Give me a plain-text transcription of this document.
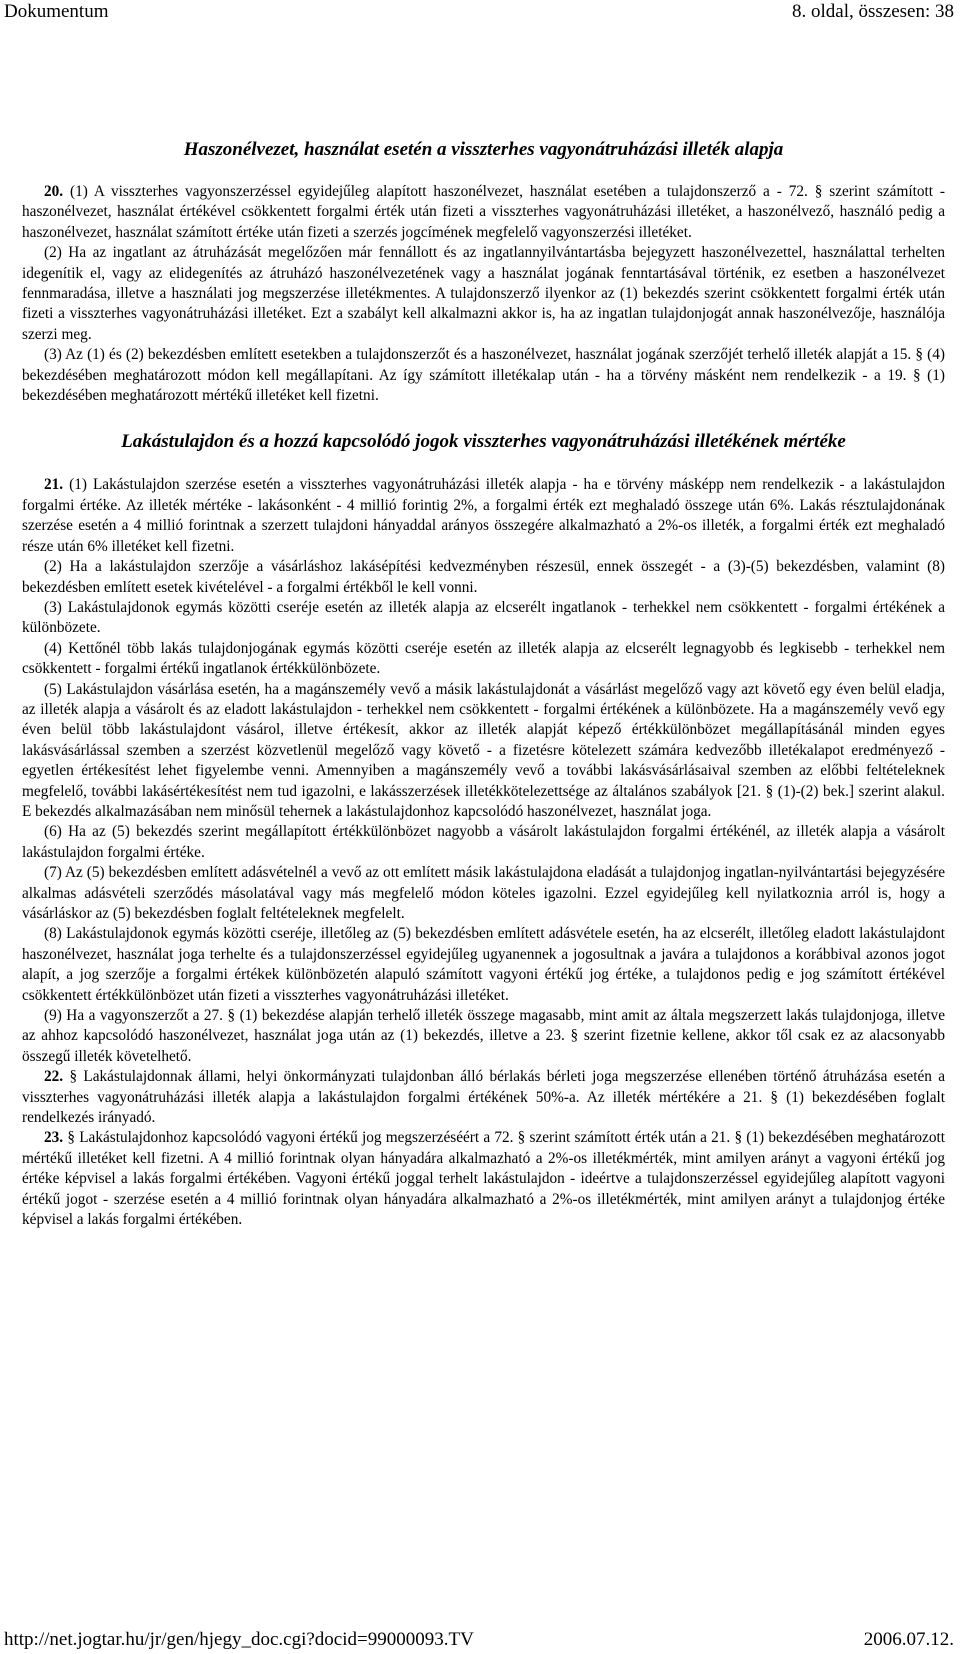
Dokumentum	8. oldal, összesen: 38
Haszonélvezet, használat esetén a visszterhes vagyonátruházási illeték alapja

20. (1) A visszterhes vagyonszerzéssel egyidejűleg alapított haszonélvezet, használat esetében a tulajdonszerző a - 72. § szerint számított - haszonélvezet, használat értékével csökkentett forgalmi érték után fizeti a visszterhes vagyonátruházási illetéket, a haszonélvező, használó pedig a haszonélvezet, használat számított értéke után fizeti a szerzés jogcímének megfelelő vagyonszerzési illetéket.

(2) Ha az ingatlant az átruházását megelőzően már fennállott és az ingatlannyilvántartásba bejegyzett haszonélvezettel, használattal terhelten idegenítik el, vagy az elidegenítés az átruházó haszonélvezetének vagy a használat jogának fenntartásával történik, ez esetben a haszonélvezet fennmaradása, illetve a használati jog megszerzése illetékmentes. A tulajdonszerző ilyenkor az (1) bekezdés szerint csökkentett forgalmi érték után fizeti a visszterhes vagyonátruházási illetéket. Ezt a szabályt kell alkalmazni akkor is, ha az ingatlan tulajdonjogát annak haszonélvezője, használója szerzi meg.

(3) Az (1) és (2) bekezdésben említett esetekben a tulajdonszerzőt és a haszonélvezet, használat jogának szerzőjét terhelő illeték alapját a 15. § (4) bekezdésében meghatározott módon kell megállapítani. Az így számított illetékalap után - ha a törvény másként nem rendelkezik - a 19. § (1) bekezdésében meghatározott mértékű illetéket kell fizetni.

Lakástulajdon és a hozzá kapcsolódó jogok visszterhes vagyonátruházási illetékének mértéke

21. (1) Lakástulajdon szerzése esetén a visszterhes vagyonátruházási illeték alapja - ha e törvény másképp nem rendelkezik - a lakástulajdon forgalmi értéke. Az illeték mértéke - lakásonként - 4 millió forintig 2%, a forgalmi érték ezt meghaladó összege után 6%. Lakás résztulajdonának szerzése esetén a 4 millió forintnak a szerzett tulajdoni hányaddal arányos összegére alkalmazható a 2%-os illeték, a forgalmi érték ezt meghaladó része után 6% illetéket kell fizetni.

(2) Ha a lakástulajdon szerzője a vásárláshoz lakásépítési kedvezményben részesül, ennek összegét - a (3)-(5) bekezdésben, valamint (8) bekezdésben említett esetek kivételével - a forgalmi értékből le kell vonni.

(3) Lakástulajdonok egymás közötti cseréje esetén az illeték alapja az elcserélt ingatlanok - terhekkel nem csökkentett - forgalmi értékének a különbözete.

(4) Kettőnél több lakás tulajdonjogának egymás közötti cseréje esetén az illeték alapja az elcserélt legnagyobb és legkisebb - terhekkel nem csökkentett - forgalmi értékű ingatlanok értékkülönbözete.

(5) Lakástulajdon vásárlása esetén, ha a magánszemély vevő a másik lakástulajdonát a vásárlást megelőző vagy azt követő egy éven belül eladja, az illeték alapja a vásárolt és az eladott lakástulajdon - terhekkel nem csökkentett - forgalmi értékének a különbözete. Ha a magánszemély vevő egy éven belül több lakástulajdont vásárol, illetve értékesít, akkor az illeték alapját képező értékkülönbözet megállapításánál minden egyes lakásvásárlással szemben a szerzést közvetlenül megelőző vagy követő - a fizetésre kötelezett számára kedvezőbb illetékalapot eredményező - egyetlen értékesítést lehet figyelembe venni. Amennyiben a magánszemély vevő a további lakásvásárlásaival szemben az előbbi feltételeknek megfelelő, további lakásértékesítést nem tud igazolni, e lakásszerzések illetékkötelezettsége az általános szabályok [21. § (1)-(2) bek.] szerint alakul. E bekezdés alkalmazásában nem minősül tehernek a lakástulajdonhoz kapcsolódó haszonélvezet, használat joga.

(6) Ha az (5) bekezdés szerint megállapított értékkülönbözet nagyobb a vásárolt lakástulajdon forgalmi értékénél, az illeték alapja a vásárolt lakástulajdon forgalmi értéke.

(7) Az (5) bekezdésben említett adásvételnél a vevő az ott említett másik lakástulajdona eladását a tulajdonjog ingatlan-nyilvántartási bejegyzésére alkalmas adásvételi szerződés másolatával vagy más megfelelő módon köteles igazolni. Ezzel egyidejűleg kell nyilatkoznia arról is, hogy a vásárláskor az (5) bekezdésben foglalt feltételeknek megfelelt.

(8) Lakástulajdonok egymás közötti cseréje, illetőleg az (5) bekezdésben említett adásvétele esetén, ha az elcserélt, illetőleg eladott lakástulajdont haszonélvezet, használat joga terhelte és a tulajdonszerzéssel egyidejűleg ugyanennek a jogosultnak a javára a tulajdonos a korábbival azonos jogot alapít, a jog szerzője a forgalmi értékek különbözetén alapuló számított vagyoni értékű jog értéke, a tulajdonos pedig e jog számított értékével csökkentett értékkülönbözet után fizeti a visszterhes vagyonátruházási illetéket.

(9) Ha a vagyonszerzőt a 27. § (1) bekezdése alapján terhelő illeték összege magasabb, mint amit az általa megszerzett lakás tulajdonjoga, illetve az ahhoz kapcsolódó haszonélvezet, használat joga után az (1) bekezdés, illetve a 23. § szerint fizetnie kellene, akkor től csak ez az alacsonyabb összegű illeték követelhető.

22. § Lakástulajdonnak állami, helyi önkormányzati tulajdonban álló bérlakás bérleti joga megszerzése ellenében történő átruházása esetén a visszterhes vagyonátruházási illeték alapja a lakástulajdon forgalmi értékének 50%-a. Az illeték mértékére a 21. § (1) bekezdésében foglalt rendelkezés irányadó.

23. § Lakástulajdonhoz kapcsolódó vagyoni értékű jog megszerzéséért a 72. § szerint számított érték után a 21. § (1) bekezdésében meghatározott mértékű illetéket kell fizetni. A 4 millió forintnak olyan hányadára alkalmazható a 2%-os illetékmérték, mint amilyen arányt a vagyoni értékű jog értéke képvisel a lakás forgalmi értékében. Vagyoni értékű joggal terhelt lakástulajdon - ideértve a tulajdonszerzéssel egyidejűleg alapított vagyoni értékű jogot - szerzése esetén a 4 millió forintnak olyan hányadára alkalmazható a 2%-os illetékmérték, mint amilyen arányt a tulajdonjog értéke képvisel a lakás forgalmi értékében.

http://net.jogtar.hu/jr/gen/hjegy_doc.cgi?docid=99000093.TV	2006.07.12.
